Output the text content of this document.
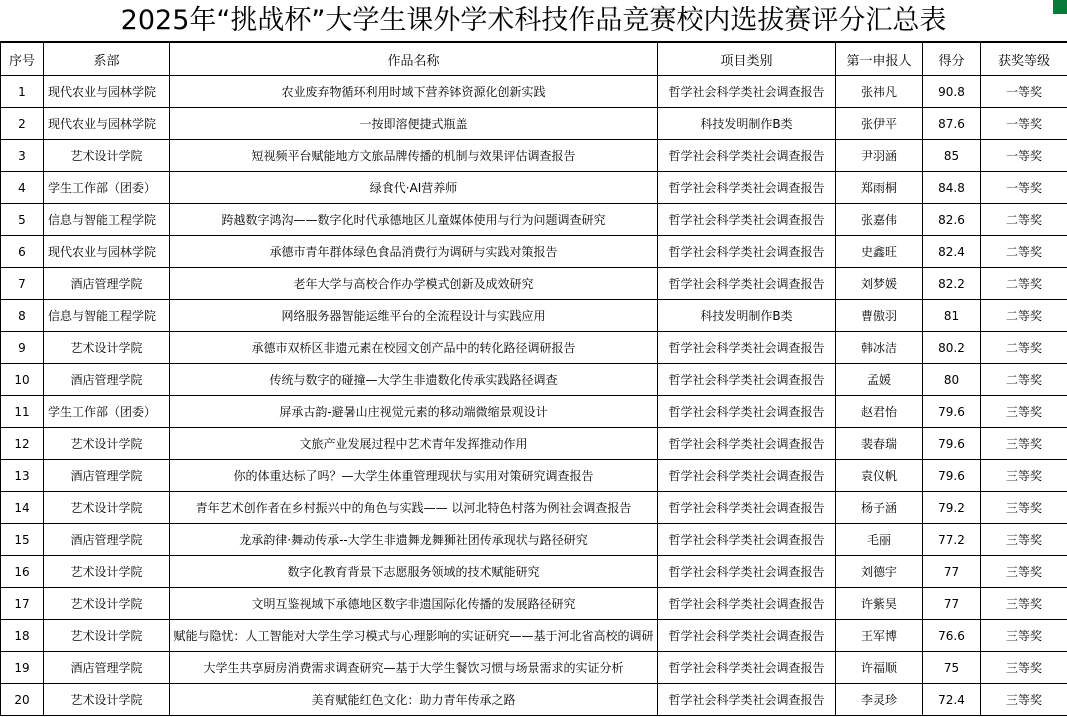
2025年“挑战杯”大学生课外学术科技作品竞赛校内选拔赛评分汇总表
序号	系部	作品名称	项目类别	第一申报人	得分	获奖等级
1	现代农业与园林学院	农业废弃物循环利用时域下营养钵资源化创新实践	哲学社会科学类社会调查报告	张祎凡	90.8	一等奖
2	现代农业与园林学院	一按即溶便捷式瓶盖	科技发明制作B类	张伊平	87.6	一等奖
3	艺术设计学院	短视频平台赋能地方文旅品牌传播的机制与效果评估调查报告	哲学社会科学类社会调查报告	尹羽涵	85	一等奖
4	学生工作部（团委）	绿食代·AI营养师	哲学社会科学类社会调查报告	郑雨桐	84.8	一等奖
5	信息与智能工程学院	跨越数字鸿沟——数字化时代承德地区儿童媒体使用与行为问题调查研究	哲学社会科学类社会调查报告	张嘉伟	82.6	二等奖
6	现代农业与园林学院	承德市青年群体绿色食品消费行为调研与实践对策报告	哲学社会科学类社会调查报告	史鑫旺	82.4	二等奖
7	酒店管理学院	老年大学与高校合作办学模式创新及成效研究	哲学社会科学类社会调查报告	刘梦媛	82.2	二等奖
8	信息与智能工程学院	网络服务器智能运维平台的全流程设计与实践应用	科技发明制作B类	曹傲羽	81	二等奖
9	艺术设计学院	承德市双桥区非遗元素在校园文创产品中的转化路径调研报告	哲学社会科学类社会调查报告	韩冰洁	80.2	二等奖
10	酒店管理学院	传统与数字的碰撞—大学生非遗数化传承实践路径调查	哲学社会科学类社会调查报告	孟媛	80	二等奖
11	学生工作部（团委）	屏承古韵-避暑山庄视觉元素的移动端微缩景观设计	哲学社会科学类社会调查报告	赵君怡	79.6	三等奖
12	艺术设计学院	文旅产业发展过程中艺术青年发挥推动作用	哲学社会科学类社会调查报告	裴春瑞	79.6	三等奖
13	酒店管理学院	你的体重达标了吗？—大学生体重管理现状与实用对策研究调查报告	哲学社会科学类社会调查报告	袁仪帆	79.6	三等奖
14	艺术设计学院	青年艺术创作者在乡村振兴中的角色与实践—— 以河北特色村落为例社会调查报告	哲学社会科学类社会调查报告	杨子涵	79.2	三等奖
15	酒店管理学院	龙承韵律·舞动传承--大学生非遗舞龙舞狮社团传承现状与路径研究	哲学社会科学类社会调查报告	毛丽	77.2	三等奖
16	艺术设计学院	数字化教育背景下志愿服务领域的技术赋能研究	哲学社会科学类社会调查报告	刘德宇	77	三等奖
17	艺术设计学院	文明互鉴视域下承德地区数字非遗国际化传播的发展路径研究	哲学社会科学类社会调查报告	许紫昊	77	三等奖
18	艺术设计学院	赋能与隐忧：人工智能对大学生学习模式与心理影响的实证研究——基于河北省高校的调研	哲学社会科学类社会调查报告	王军博	76.6	三等奖
19	酒店管理学院	大学生共享厨房消费需求调查研究—基于大学生餐饮习惯与场景需求的实证分析	哲学社会科学类社会调查报告	许福顺	75	三等奖
20	艺术设计学院	美育赋能红色文化：助力青年传承之路	哲学社会科学类社会调查报告	李灵珍	72.4	三等奖
